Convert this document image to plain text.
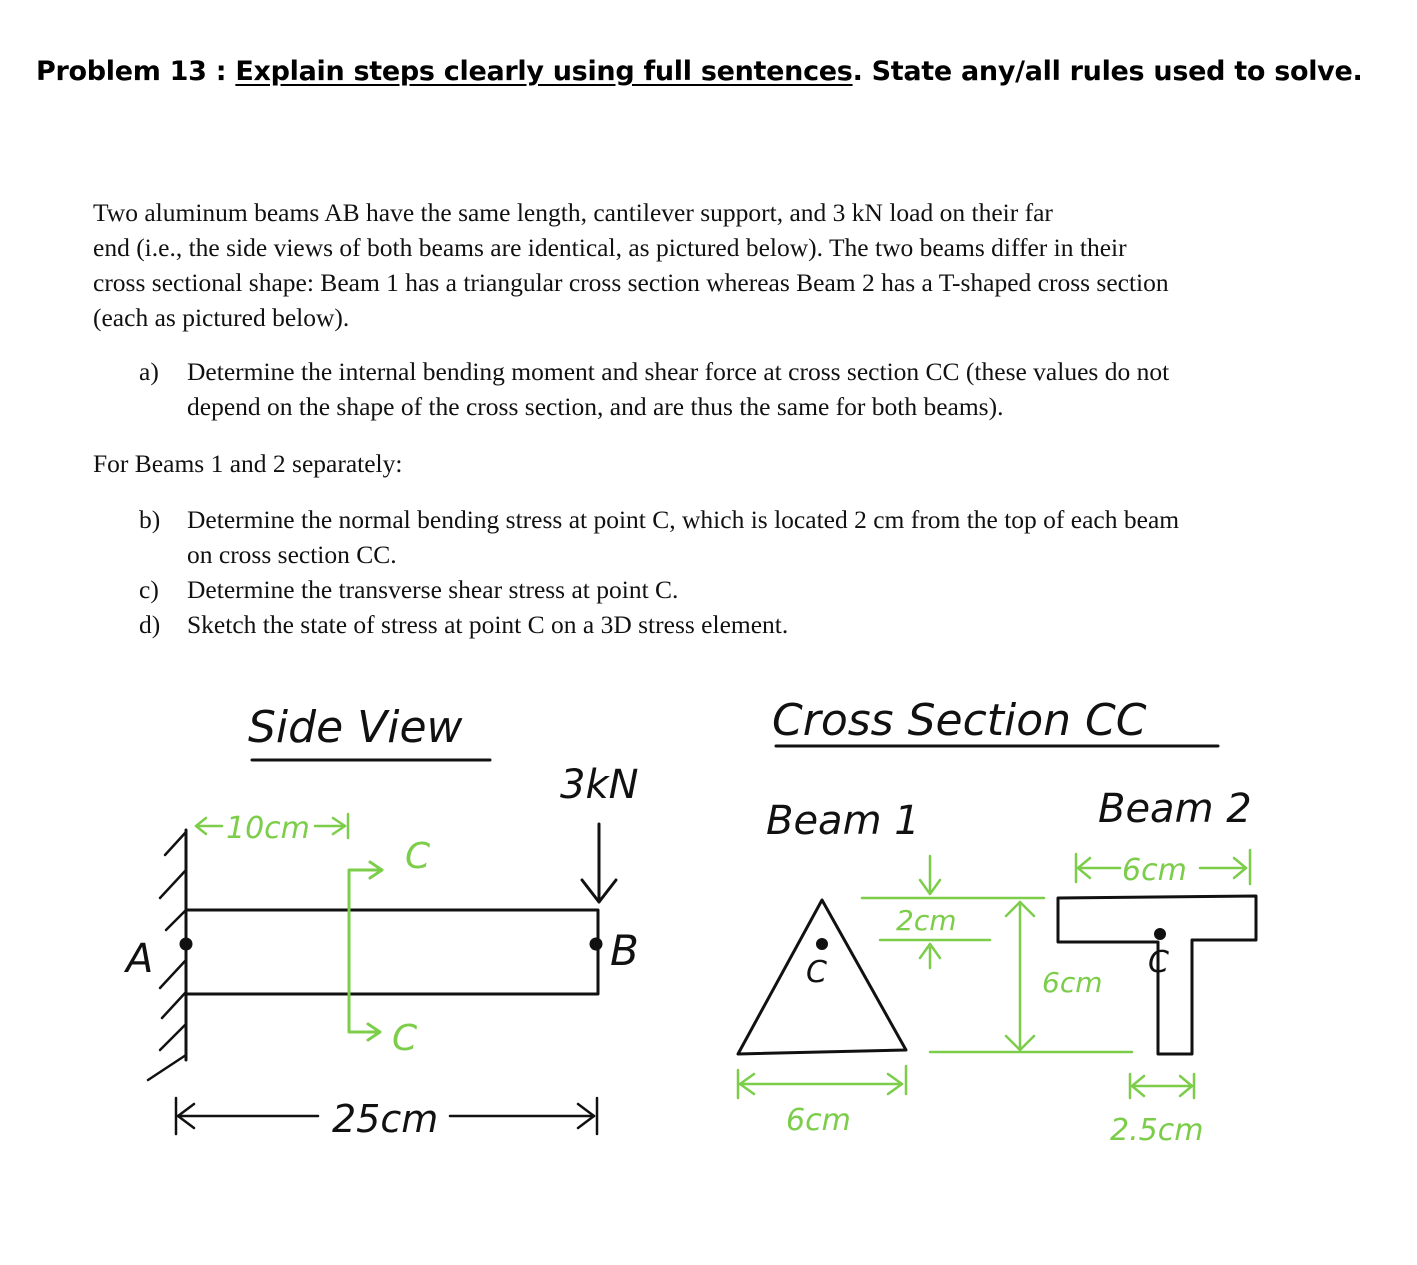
Problem 13 : Explain steps clearly using full sentences. State any/all rules used to solve.
Two aluminum beams AB have the same length, cantilever support, and 3 kN load on their far
end (i.e., the side views of both beams are identical, as pictured below). The two beams differ in their
cross sectional shape: Beam 1 has a triangular cross section whereas Beam 2 has a T-shaped cross section
(each as pictured below).
a) Determine the internal bending moment and shear force at cross section CC (these values do not
depend on the shape of the cross section, and are thus the same for both beams).
For Beams 1 and 2 separately:
b) Determine the normal bending stress at point C, which is located 2 cm from the top of each beam
on cross section CC.
c) Determine the transverse shear stress at point C.
d) Sketch the state of stress at point C on a 3D stress element.
Side View
A	B
3kN
C
C
10cm
25cm
Cross Section CC
Beam 1	Beam 2
C	C
2cm
6cm
6cm
6cm
2.5cm
